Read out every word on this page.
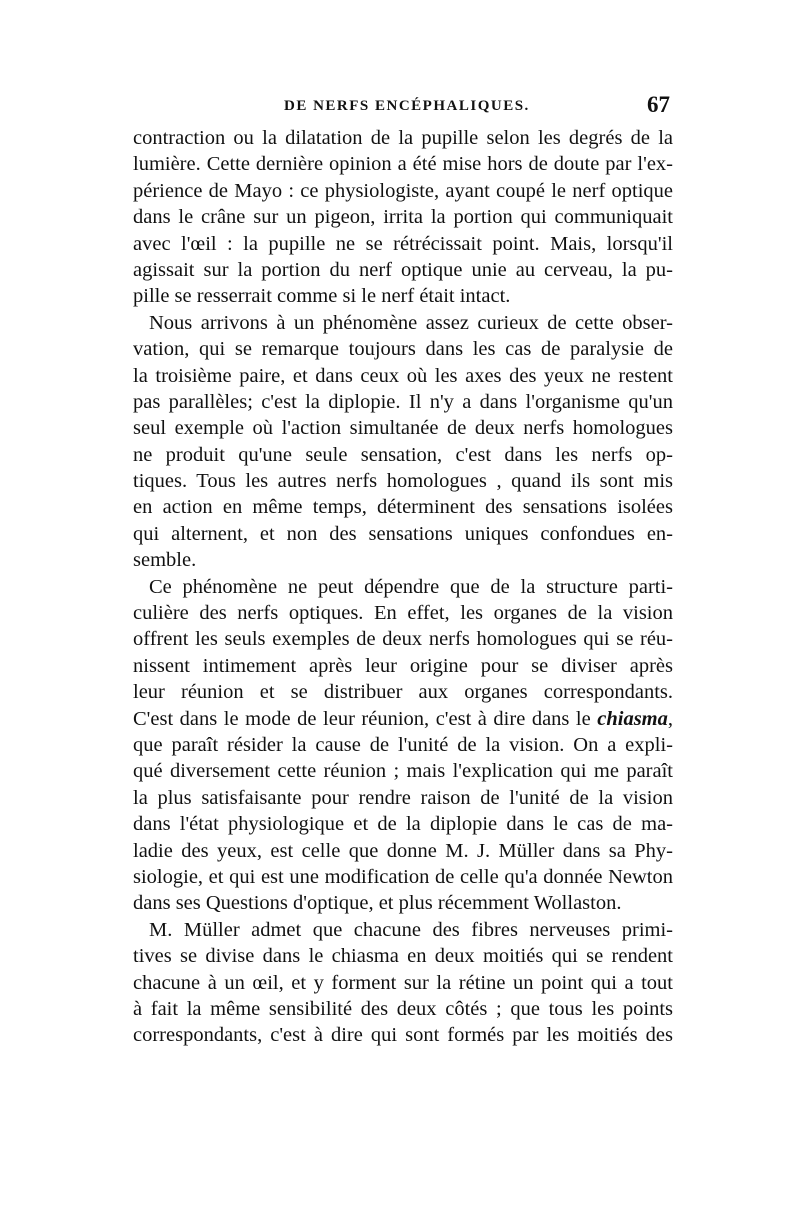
DE NERFS ENCÉPHALIQUES.	67
contraction ou la dilatation de la pupille selon les degrés de la
lumière. Cette dernière opinion a été mise hors de doute par l'ex-
périence de Mayo : ce physiologiste, ayant coupé le nerf optique
dans le crâne sur un pigeon, irrita la portion qui communiquait
avec l'œil : la pupille ne se rétrécissait point. Mais, lorsqu'il
agissait sur la portion du nerf optique unie au cerveau, la pu-
pille se resserrait comme si le nerf était intact.
Nous arrivons à un phénomène assez curieux de cette obser-
vation, qui se remarque toujours dans les cas de paralysie de
la troisième paire, et dans ceux où les axes des yeux ne restent
pas parallèles; c'est la diplopie. Il n'y a dans l'organisme qu'un
seul exemple où l'action simultanée de deux nerfs homologues
ne produit qu'une seule sensation, c'est dans les nerfs op-
tiques. Tous les autres nerfs homologues , quand ils sont mis
en action en même temps, déterminent des sensations isolées
qui alternent, et non des sensations uniques confondues en-
semble.
Ce phénomène ne peut dépendre que de la structure parti-
culière des nerfs optiques. En effet, les organes de la vision
offrent les seuls exemples de deux nerfs homologues qui se réu-
nissent intimement après leur origine pour se diviser après
leur réunion et se distribuer aux organes correspondants.
C'est dans le mode de leur réunion, c'est à dire dans le chiasma,
que paraît résider la cause de l'unité de la vision. On a expli-
qué diversement cette réunion ; mais l'explication qui me paraît
la plus satisfaisante pour rendre raison de l'unité de la vision
dans l'état physiologique et de la diplopie dans le cas de ma-
ladie des yeux, est celle que donne M. J. Müller dans sa Phy-
siologie, et qui est une modification de celle qu'a donnée Newton
dans ses Questions d'optique, et plus récemment Wollaston.
M. Müller admet que chacune des fibres nerveuses primi-
tives se divise dans le chiasma en deux moitiés qui se rendent
chacune à un œil, et y forment sur la rétine un point qui a tout
à fait la même sensibilité des deux côtés ; que tous les points
correspondants, c'est à dire qui sont formés par les moitiés des
